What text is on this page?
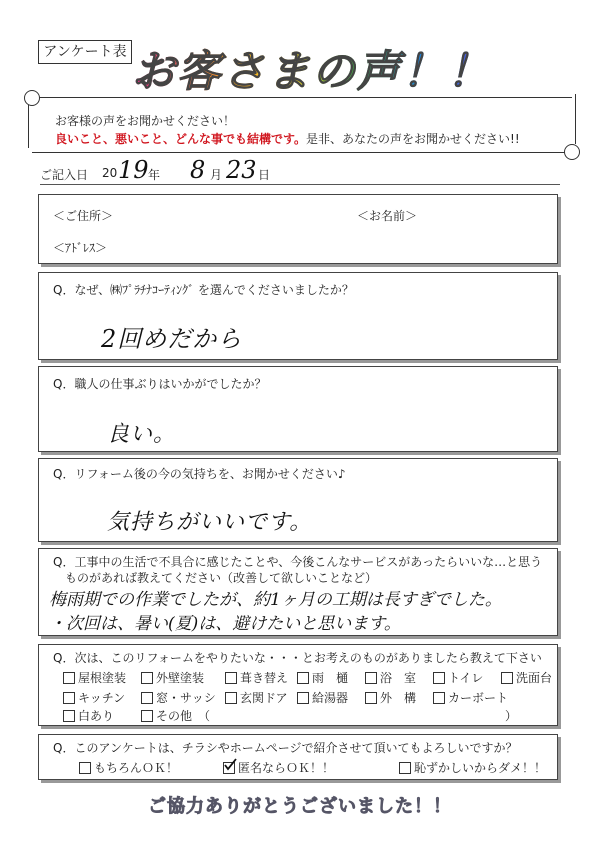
アンケート表 お客さまの声！！
お客様の声をお聞かせください！
良いこと、悪いこと、どんな事でも結構です。是非、あなたの声をお聞かせください!!
ご記入日 20 19 年 8 月 23 日
＜ご住所＞	＜お名前＞
＜ｱﾄﾞﾚｽ＞
Q．なぜ、㈱ﾌﾟﾗﾁﾅｺｰﾃｨﾝｸﾞ を選んでくださいましたか？
2回めだから
Q．職人の仕事ぶりはいかがでしたか？
良い。
Q．リフォーム後の今の気持ちを、お聞かせください♪
気持ちがいいです。
Q．工事中の生活で不具合に感じたことや、今後こんなサービスがあったらいいな…と思う
ものがあれば教えてください（改善して欲しいことなど）
梅雨期での作業でしたが、約1ヶ月の工期は長すぎでした。
・次回は、暑い(夏)は、避けたいと思います。
Q．次は、このリフォームをやりたいな・・・とお考えのものがありましたら教えて下さい
屋根塗装	外壁塗装	葺き替え	雨　樋	浴　室	トイレ	洗面台
キッチン	窓・サッシ	玄関ドア	給湯器	外　構	カーボート
白あり	その他　（	）
Q．このアンケートは、チラシやホームページで紹介させて頂いてもよろしいですか？
もちろんＯＫ！	匿名ならＯＫ！！	恥ずかしいからダメ！！
ご協力ありがとうございました！！
